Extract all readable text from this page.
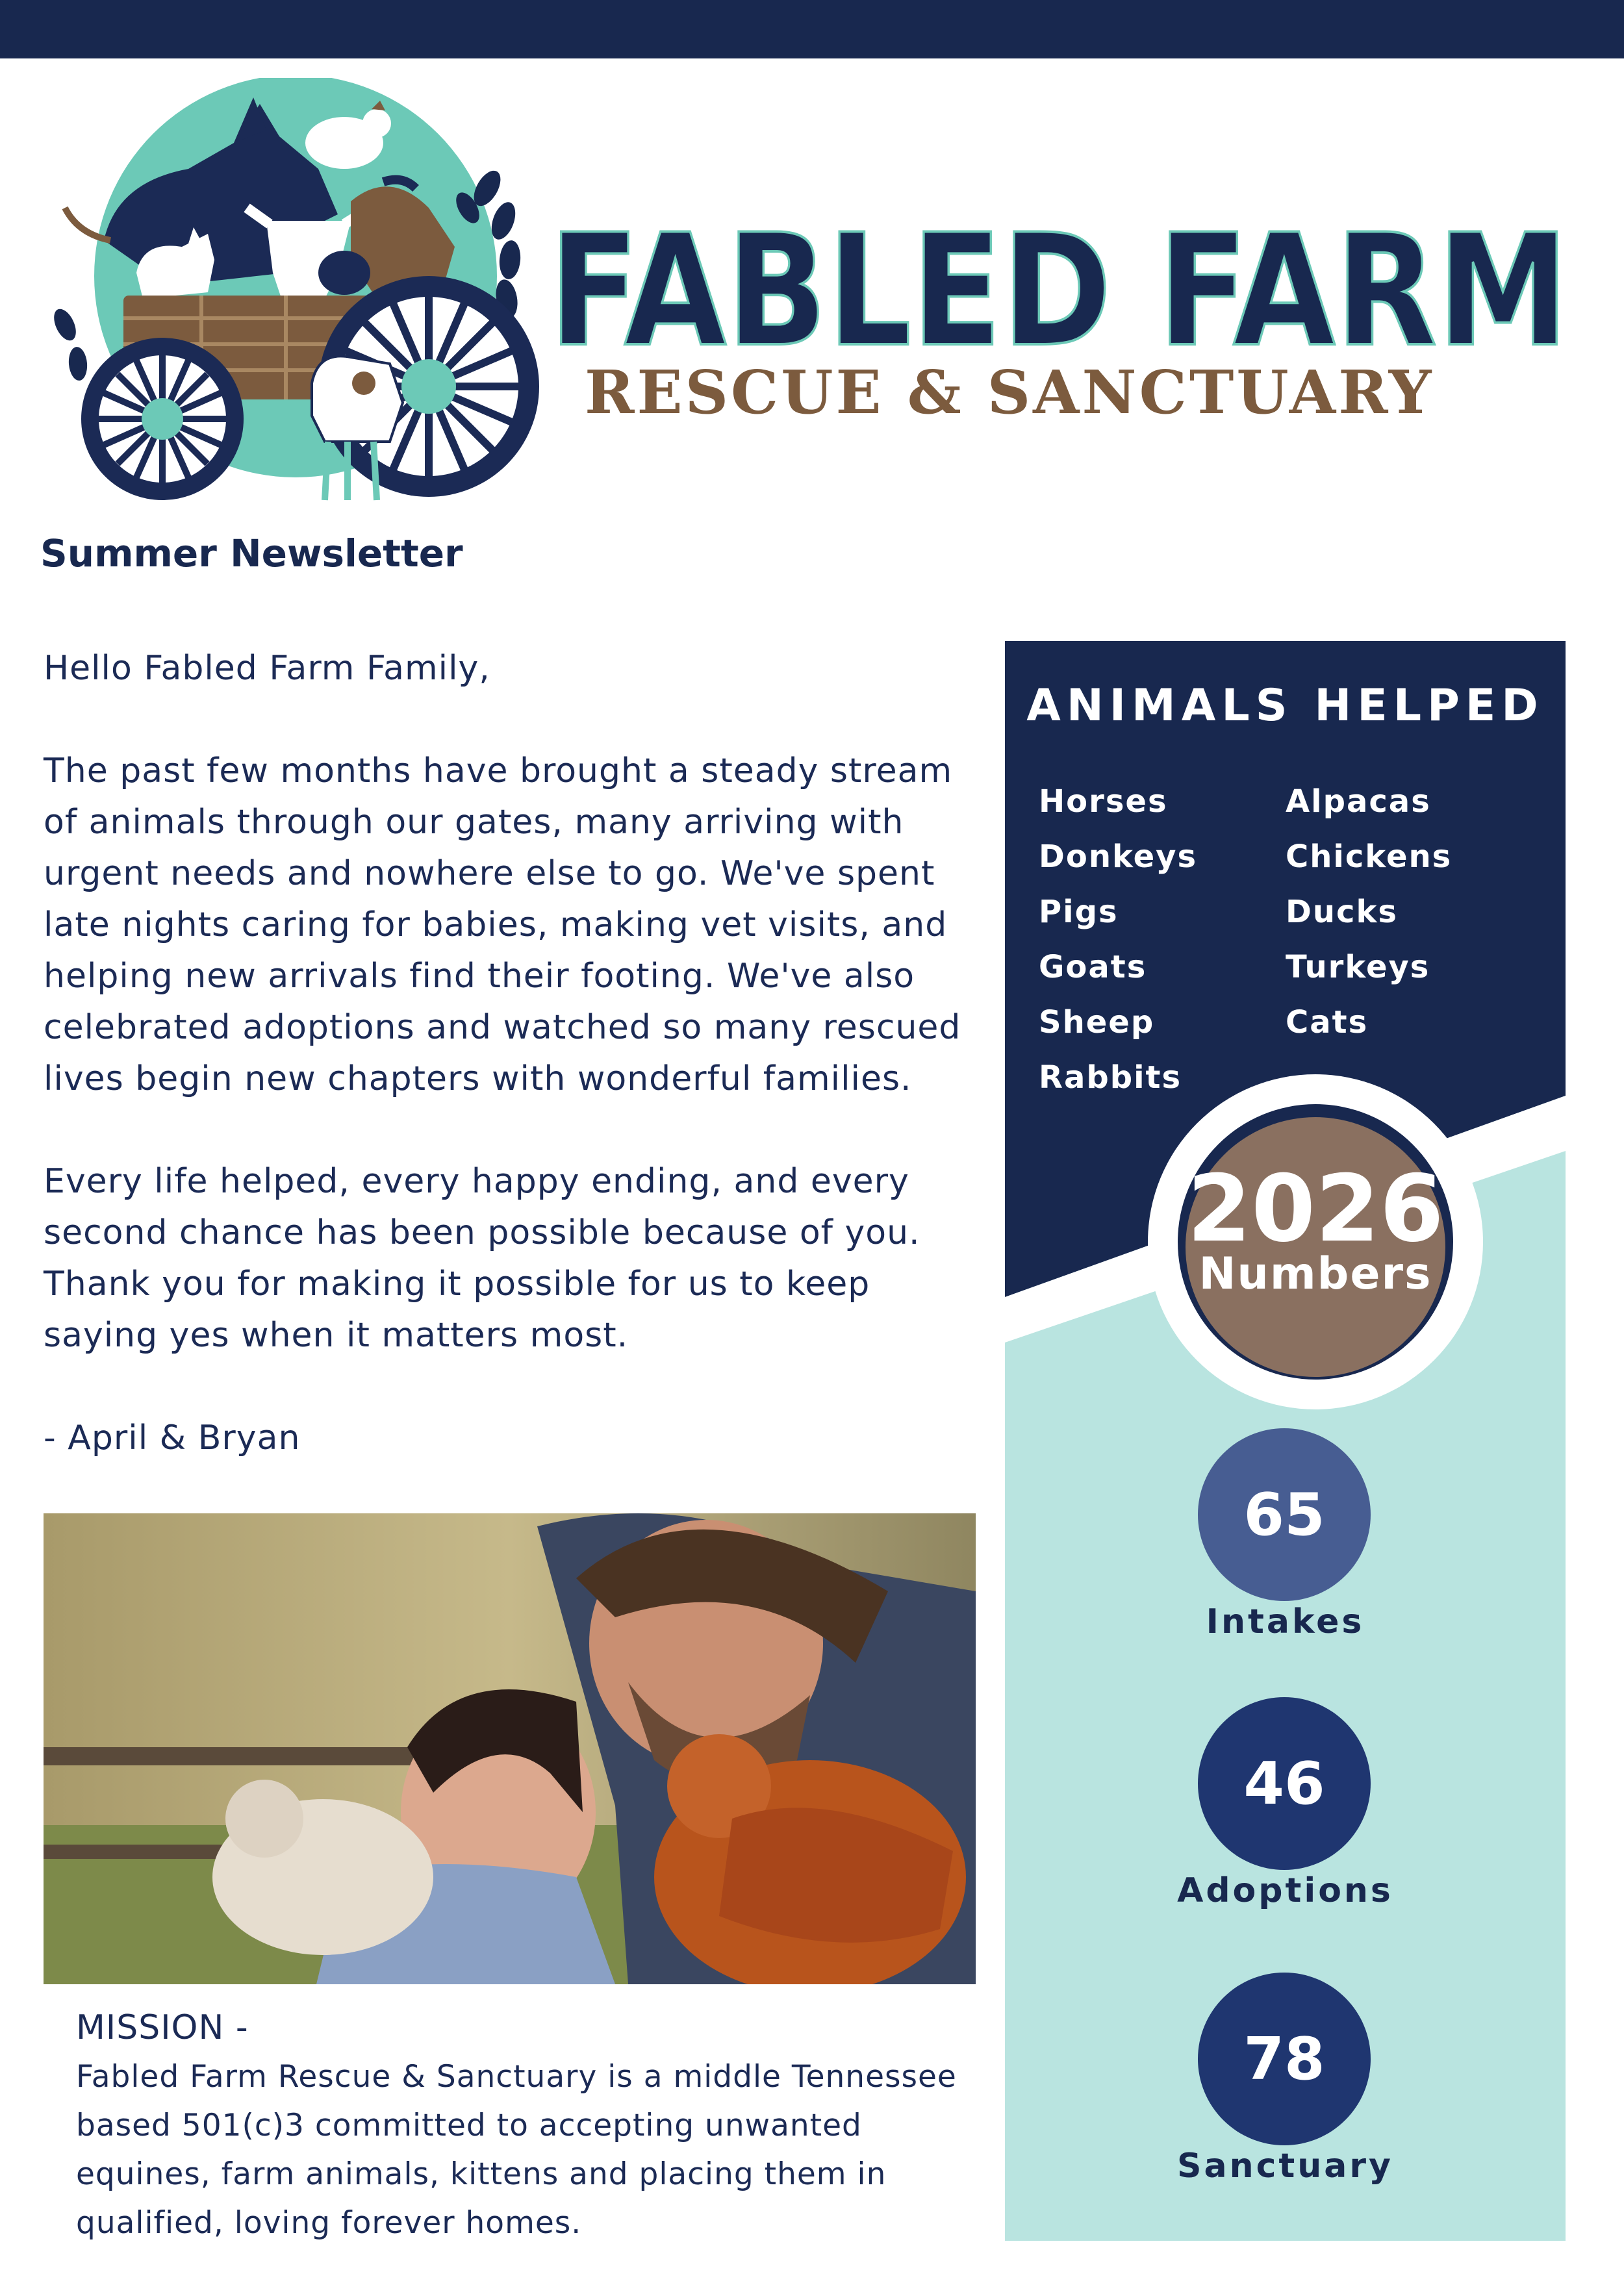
FABLED FARM
RESCUE & SANCTUARY
Summer Newsletter

Hello Fabled Farm Family,

The past few months have brought a steady stream of animals through our gates, many arriving with urgent needs and nowhere else to go. We've spent late nights caring for babies, making vet visits, and helping new arrivals find their footing. We've also celebrated adoptions and watched so many rescued lives begin new chapters with wonderful families.

Every life helped, every happy ending, and every second chance has been possible because of you. Thank you for making it possible for us to keep saying yes when it matters most.

- April & Bryan

MISSION -
Fabled Farm Rescue & Sanctuary is a middle Tennessee based 501(c)3 committed to accepting unwanted equines, farm animals, kittens and placing them in qualified, loving forever homes.
ANIMALS HELPED
Horses
Donkeys
Pigs
Goats
Sheep
Rabbits
Alpacas
Chickens
Ducks
Turkeys
Cats
2026
Numbers
65
Intakes
46
Adoptions
78
Sanctuary
